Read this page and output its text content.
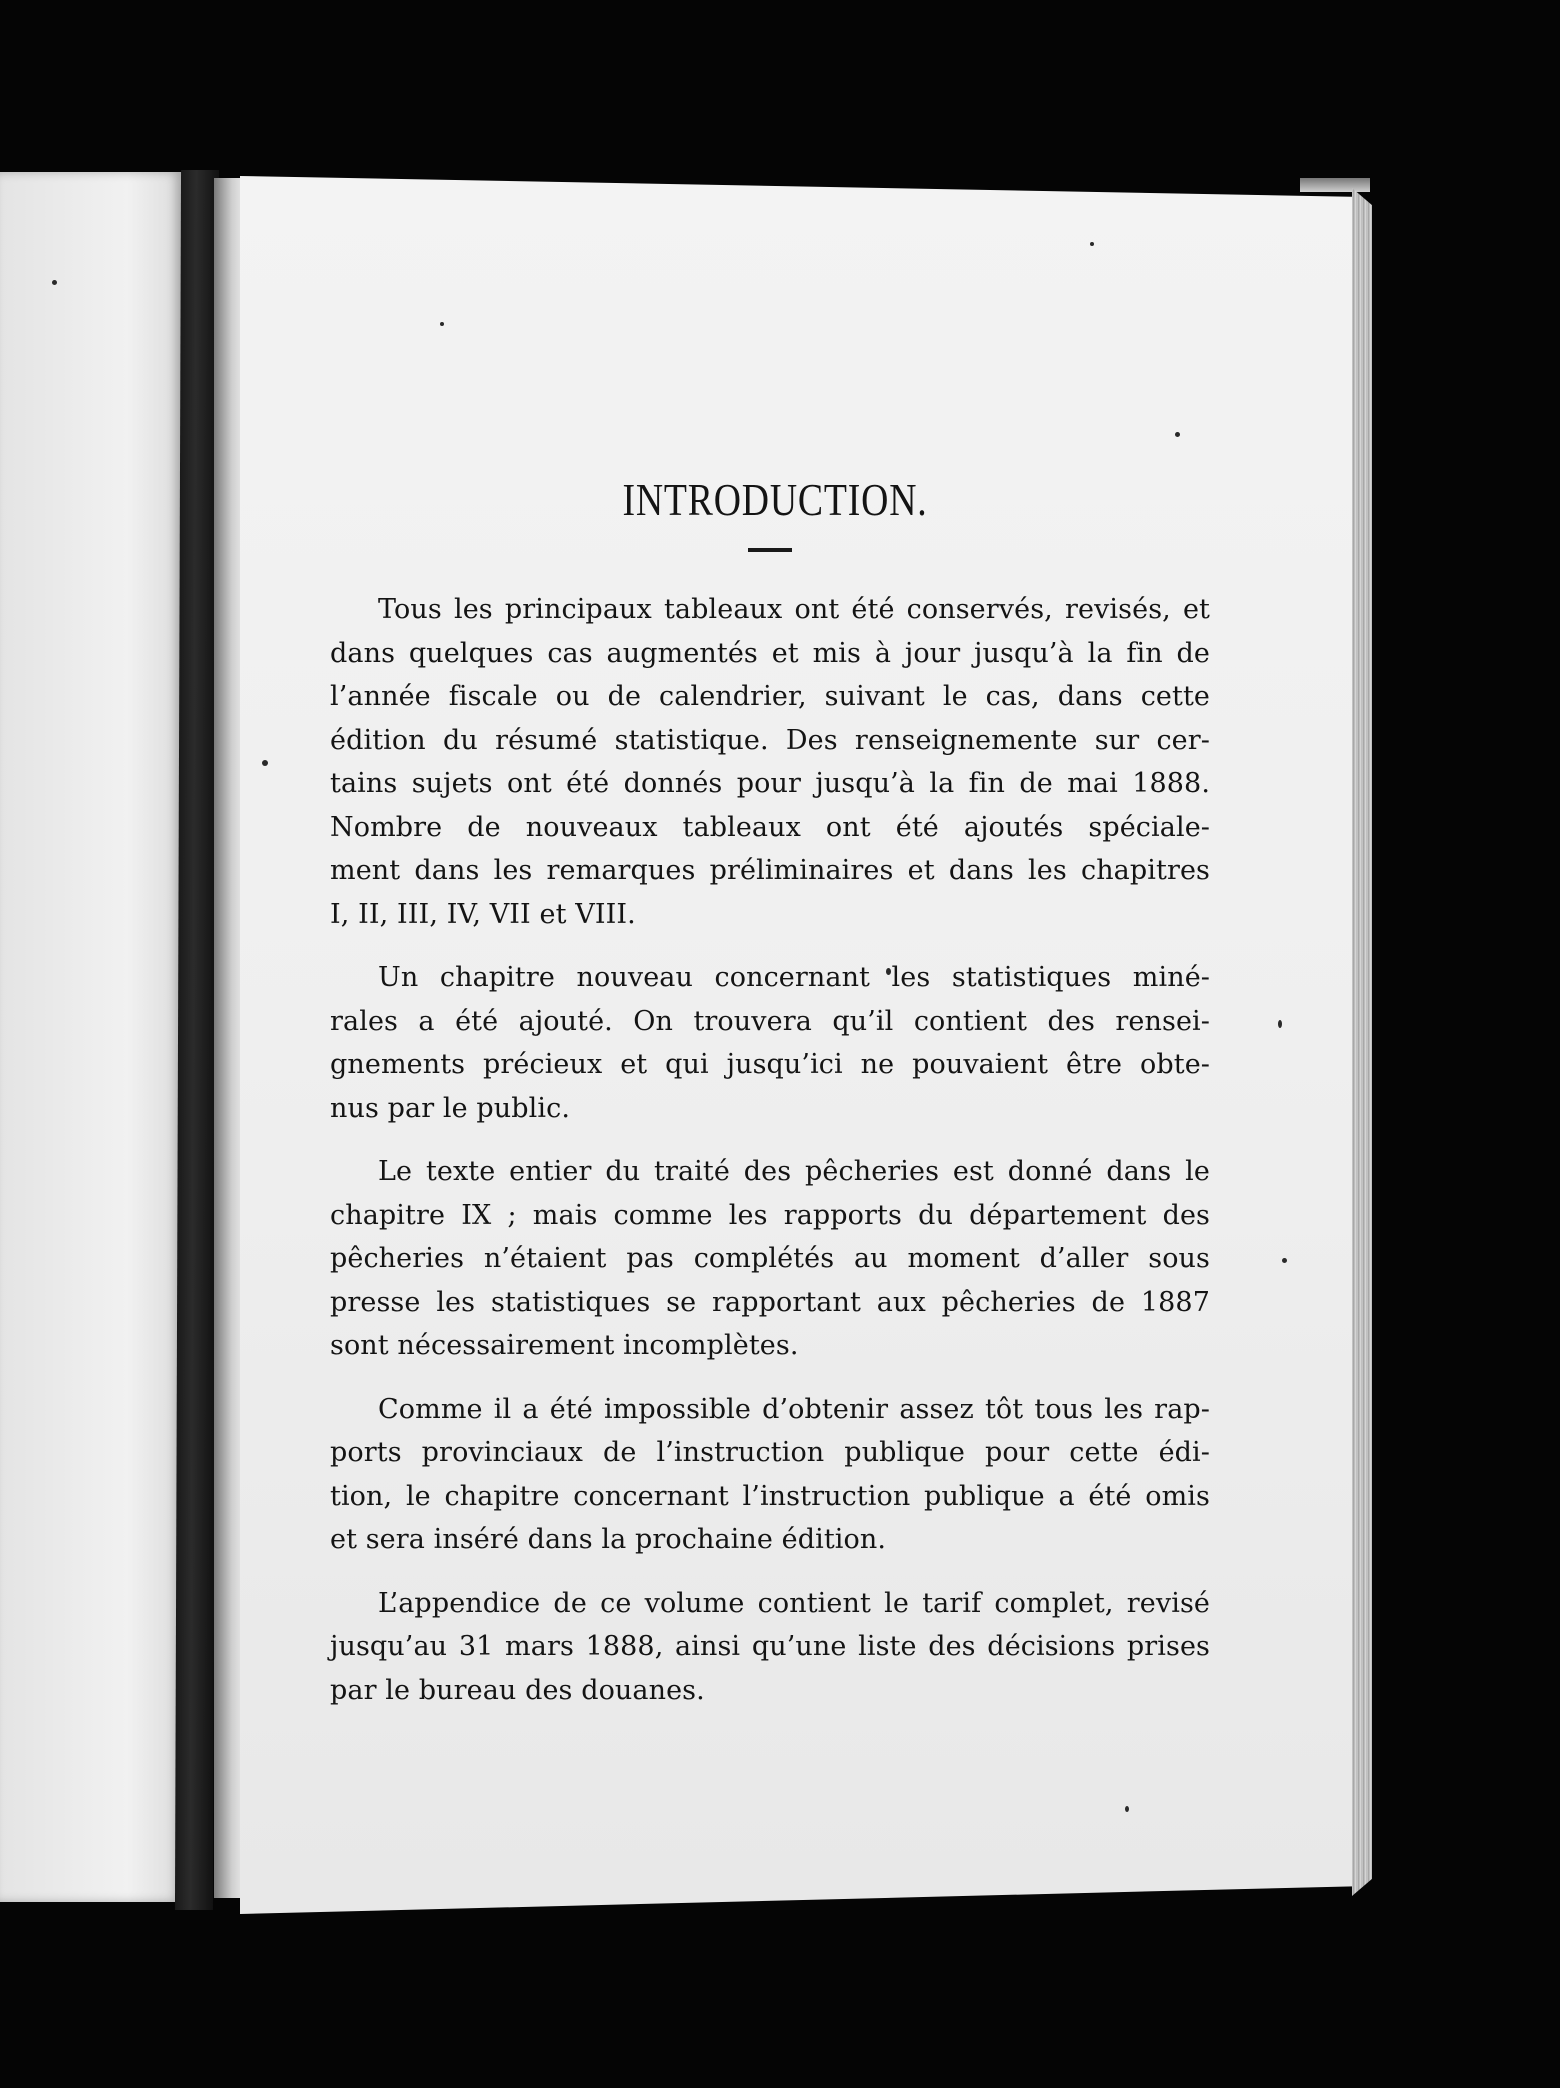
INTRODUCTION.
Tous les principaux tableaux ont été conservés, revisés, et
dans quelques cas augmentés et mis à jour jusqu’à la fin de
l’année fiscale ou de calendrier, suivant le cas, dans cette
édition du résumé statistique. Des renseignemente sur cer-
tains sujets ont été donnés pour jusqu’à la fin de mai 1888.
Nombre de nouveaux tableaux ont été ajoutés spéciale-
ment dans les remarques préliminaires et dans les chapitres
I, II, III, IV, VII et VIII.
Un chapitre nouveau concernant les statistiques miné-
rales a été ajouté. On trouvera qu’il contient des rensei-
gnements précieux et qui jusqu’ici ne pouvaient être obte-
nus par le public.
Le texte entier du traité des pêcheries est donné dans le
chapitre IX ; mais comme les rapports du département des
pêcheries n’étaient pas complétés au moment d’aller sous
presse les statistiques se rapportant aux pêcheries de 1887
sont nécessairement incomplètes.
Comme il a été impossible d’obtenir assez tôt tous les rap-
ports provinciaux de l’instruction publique pour cette édi-
tion, le chapitre concernant l’instruction publique a été omis
et sera inséré dans la prochaine édition.
L’appendice de ce volume contient le tarif complet, revisé
jusqu’au 31 mars 1888, ainsi qu’une liste des décisions prises
par le bureau des douanes.
